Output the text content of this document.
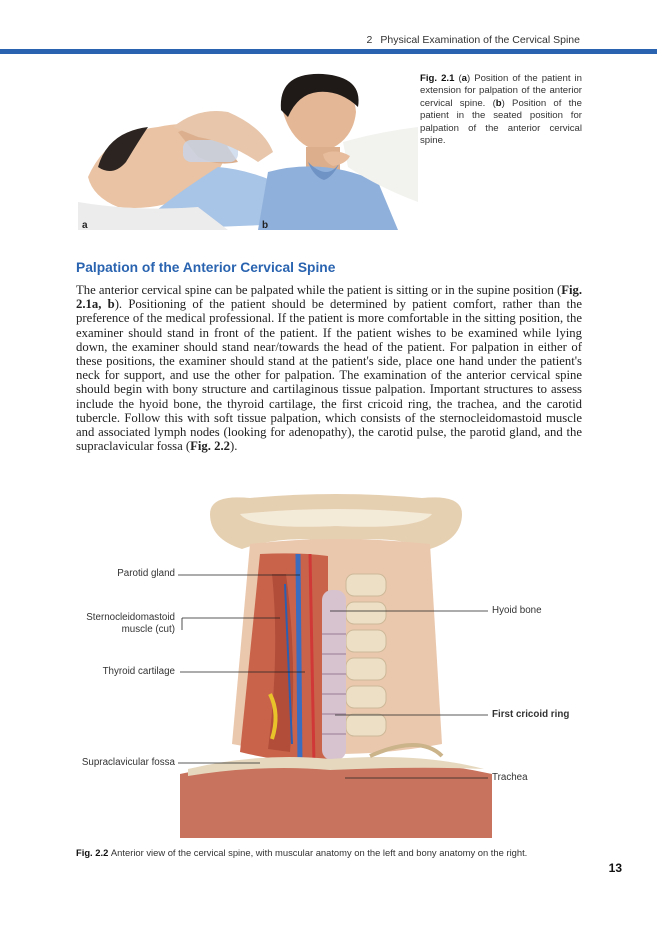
2 Physical Examination of the Cervical Spine
Fig. 2.1 (a) Position of the patient in extension for palpation of the anterior cervical spine. (b) Position of the patient in the seated position for palpation of the anterior cervical spine.
a	b
Palpation of the Anterior Cervical Spine
The anterior cervical spine can be palpated while the patient is sitting or in the supine position (Fig. 2.1a, b). Positioning of the patient should be determined by patient comfort, rather than the preference of the medical professional. If the patient is more comfortable in the sitting position, the examiner should stand in front of the patient. If the patient wishes to be examined while lying down, the examiner should stand near/towards the head of the patient. For palpation in either of these positions, the examiner should stand at the patient's side, place one hand under the patient's neck for support, and use the other for palpation. The examination of the anterior cervical spine should begin with bony structure and cartilaginous tissue palpation. Important structures to assess include the hyoid bone, the thyroid cartilage, the first cricoid ring, the trachea, and the carotid tubercle. Follow this with soft tissue palpation, which consists of the sternocleidomastoid muscle and associated lymph nodes (looking for adenopathy), the carotid pulse, the parotid gland, and the supraclavicular fossa (Fig. 2.2).
Parotid gland
Sternocleidomastoid
muscle (cut)
Thyroid cartilage
Supraclavicular fossa
Hyoid bone
First cricoid ring
Trachea
Fig. 2.2 Anterior view of the cervical spine, with muscular anatomy on the left and bony anatomy on the right.
13
